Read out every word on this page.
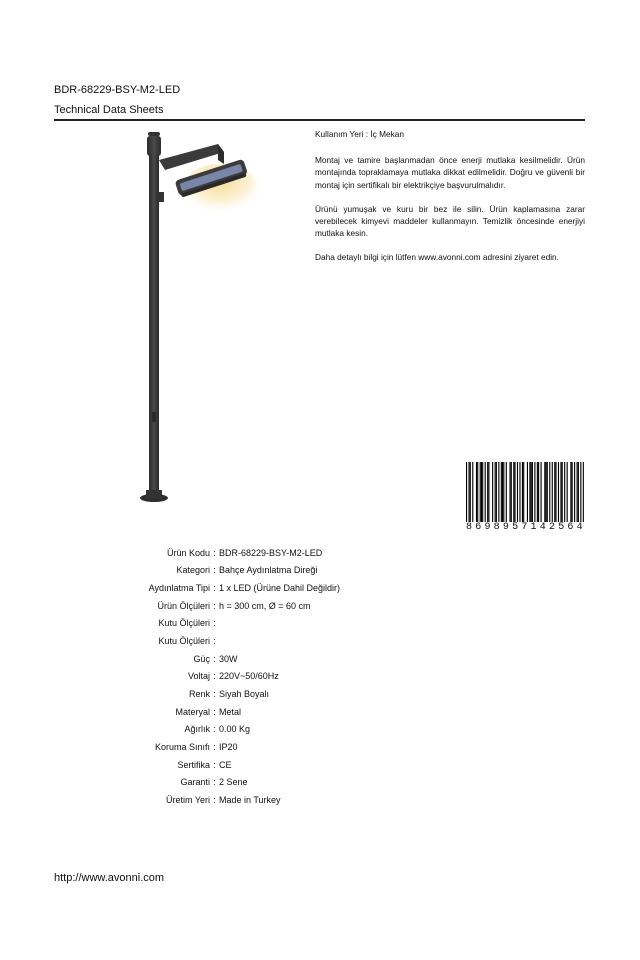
BDR-68229-BSY-M2-LED
Technical Data Sheets

Kullanım Yeri : İç Mekan

Montaj ve tamire başlanmadan önce enerji mutlaka kesilmelidir. Ürün montajında topraklamaya mutlaka dikkat edilmelidir. Doğru ve güvenli bir montaj için sertifikalı bir elektrikçiye başvurulmalıdır.

Ürünü yumuşak ve kuru bir bez ile silin. Ürün kaplamasına zarar verebilecek kimyevi maddeler kullanmayın. Temizlik öncesinde enerjiyi mutlaka kesin.

Daha detaylı bilgi için lütfen www.avonni.com adresini ziyaret edin.

8 6 9 8 9 5 7 1 4 2 5 6 4
Ürün Kodu : BDR-68229-BSY-M2-LED
Kategori : Bahçe Aydınlatma Direği
Aydınlatma Tipi : 1 x LED (Ürüne Dahil Değildir)
Ürün Ölçüleri : h = 300 cm, Ø = 60 cm
Kutu Ölçüleri :
Kutu Ölçüleri :
Güç : 30W
Voltaj : 220V~50/60Hz
Renk : Siyah Boyalı
Materyal : Metal
Ağırlık : 0.00 Kg
Koruma Sınıfı : IP20
Sertifika : CE
Garanti : 2 Sene
Üretim Yeri : Made in Turkey
http://www.avonni.com
